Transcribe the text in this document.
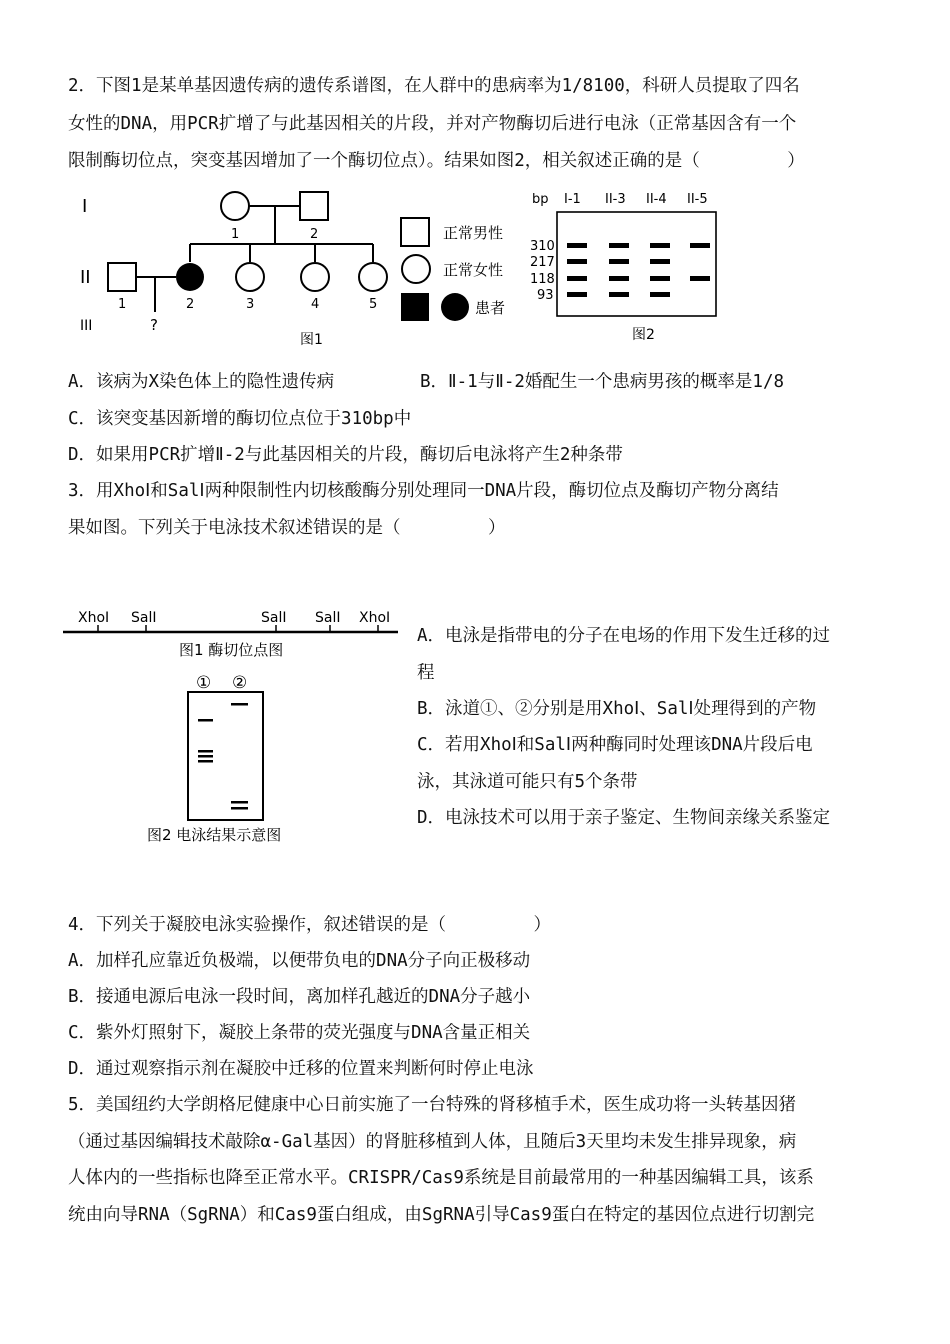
2．下图1是某单基因遗传病的遗传系谱图，在人群中的患病率为1/8100，科研人员提取了四名
女性的DNA，用PCR扩增了与此基因相关的片段，并对产物酶切后进行电泳（正常基因含有一个
限制酶切位点，突变基因增加了一个酶切位点）。结果如图2，相关叙述正确的是（　　　　　）
I
II
III
1	2
1	2	3	4	5
?
图1
正常男性
正常女性
患者
bp I-1 II-3 II-4 II-5
310
217
118
93
图2
A．该病为X染色体上的隐性遗传病	B．Ⅱ-1与Ⅱ-2婚配生一个患病男孩的概率是1/8
C．该突变基因新增的酶切位点位于310bp中
D．如果用PCR扩增Ⅱ-2与此基因相关的片段，酶切后电泳将产生2种条带
3．用XhoⅠ和SalⅠ两种限制性内切核酸酶分别处理同一DNA片段，酶切位点及酶切产物分离结
果如图。下列关于电泳技术叙述错误的是（　　　　　）
XhoⅠ SalⅠ	SalⅠ SalⅠ XhoⅠ
图1 酶切位点图
① ②
图2 电泳结果示意图
A．电泳是指带电的分子在电场的作用下发生迁移的过
程
B．泳道①、②分别是用XhoⅠ、SalⅠ处理得到的产物
C．若用XhoⅠ和SalⅠ两种酶同时处理该DNA片段后电
泳，其泳道可能只有5个条带
D．电泳技术可以用于亲子鉴定、生物间亲缘关系鉴定
4．下列关于凝胶电泳实验操作，叙述错误的是（　　　　　）
A．加样孔应靠近负极端，以便带负电的DNA分子向正极移动
B．接通电源后电泳一段时间，离加样孔越近的DNA分子越小
C．紫外灯照射下，凝胶上条带的荧光强度与DNA含量正相关
D．通过观察指示剂在凝胶中迁移的位置来判断何时停止电泳
5．美国纽约大学朗格尼健康中心日前实施了一台特殊的肾移植手术，医生成功将一头转基因猪
（通过基因编辑技术敲除α-Gal基因）的肾脏移植到人体，且随后3天里均未发生排异现象，病
人体内的一些指标也降至正常水平。CRISPR/Cas9系统是目前最常用的一种基因编辑工具，该系
统由向导RNA（SgRNA）和Cas9蛋白组成，由SgRNA引导Cas9蛋白在特定的基因位点进行切割完
